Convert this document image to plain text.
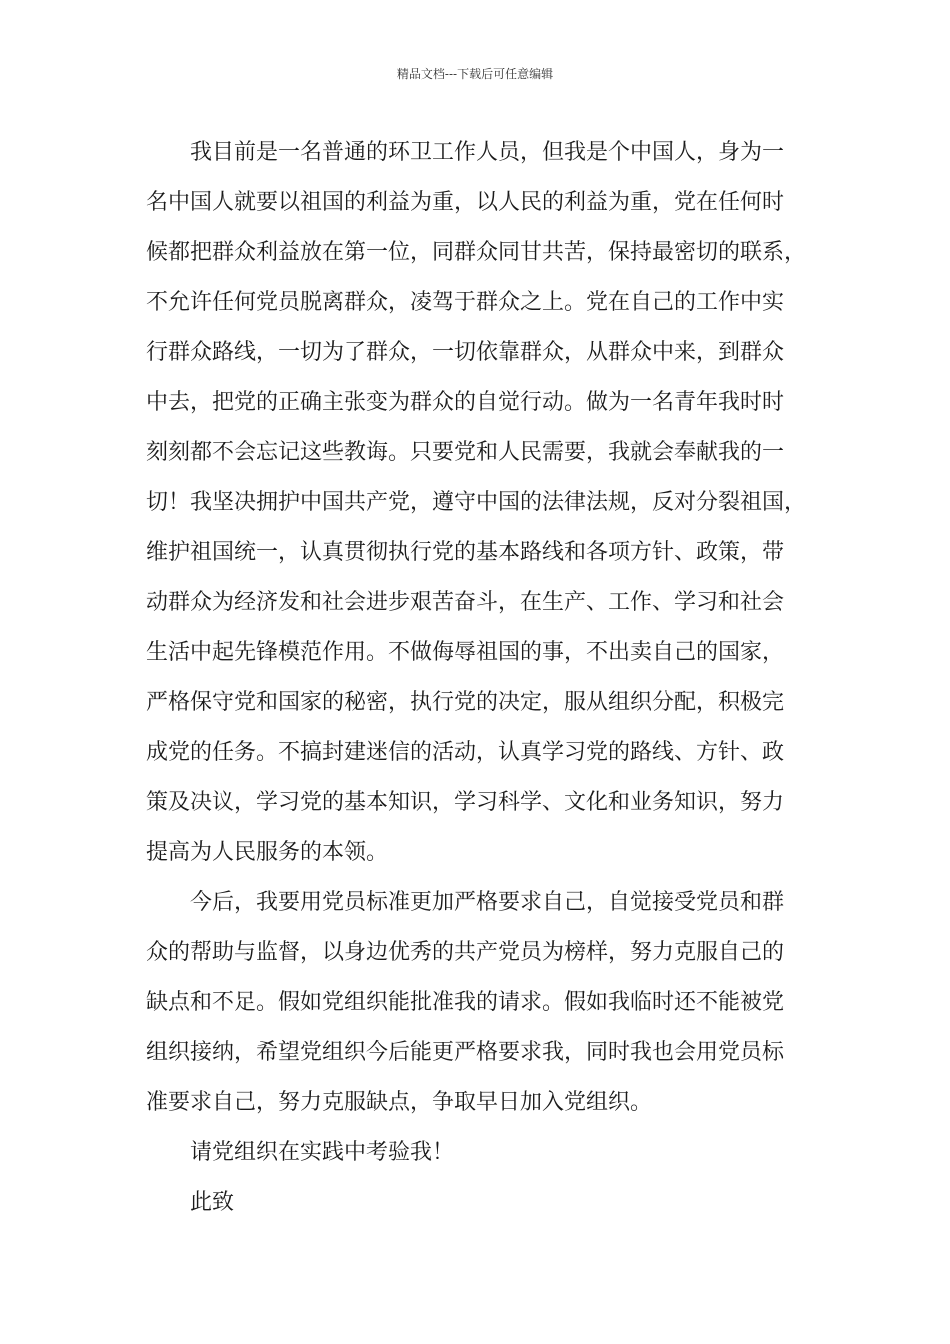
精品文档---下载后可任意编辑
我目前是一名普通的环卫工作人员，但我是个中国人，身为一
名中国人就要以祖国的利益为重，以人民的利益为重，党在任何时
候都把群众利益放在第一位，同群众同甘共苦，保持最密切的联系，
不允许任何党员脱离群众，凌驾于群众之上。党在自己的工作中实
行群众路线，一切为了群众，一切依靠群众，从群众中来，到群众
中去，把党的正确主张变为群众的自觉行动。做为一名青年我时时
刻刻都不会忘记这些教诲。只要党和人民需要，我就会奉献我的一
切！我坚决拥护中国共产党，遵守中国的法律法规，反对分裂祖国，
维护祖国统一，认真贯彻执行党的基本路线和各项方针、政策，带
动群众为经济发和社会进步艰苦奋斗，在生产、工作、学习和社会
生活中起先锋模范作用。不做侮辱祖国的事，不出卖自己的国家，
严格保守党和国家的秘密，执行党的决定，服从组织分配，积极完
成党的任务。不搞封建迷信的活动，认真学习党的路线、方针、政
策及决议，学习党的基本知识，学习科学、文化和业务知识，努力
提高为人民服务的本领。
今后，我要用党员标准更加严格要求自己，自觉接受党员和群
众的帮助与监督，以身边优秀的共产党员为榜样，努力克服自己的
缺点和不足。假如党组织能批准我的请求。假如我临时还不能被党
组织接纳，希望党组织今后能更严格要求我，同时我也会用党员标
准要求自己，努力克服缺点，争取早日加入党组织。
请党组织在实践中考验我！
此致
